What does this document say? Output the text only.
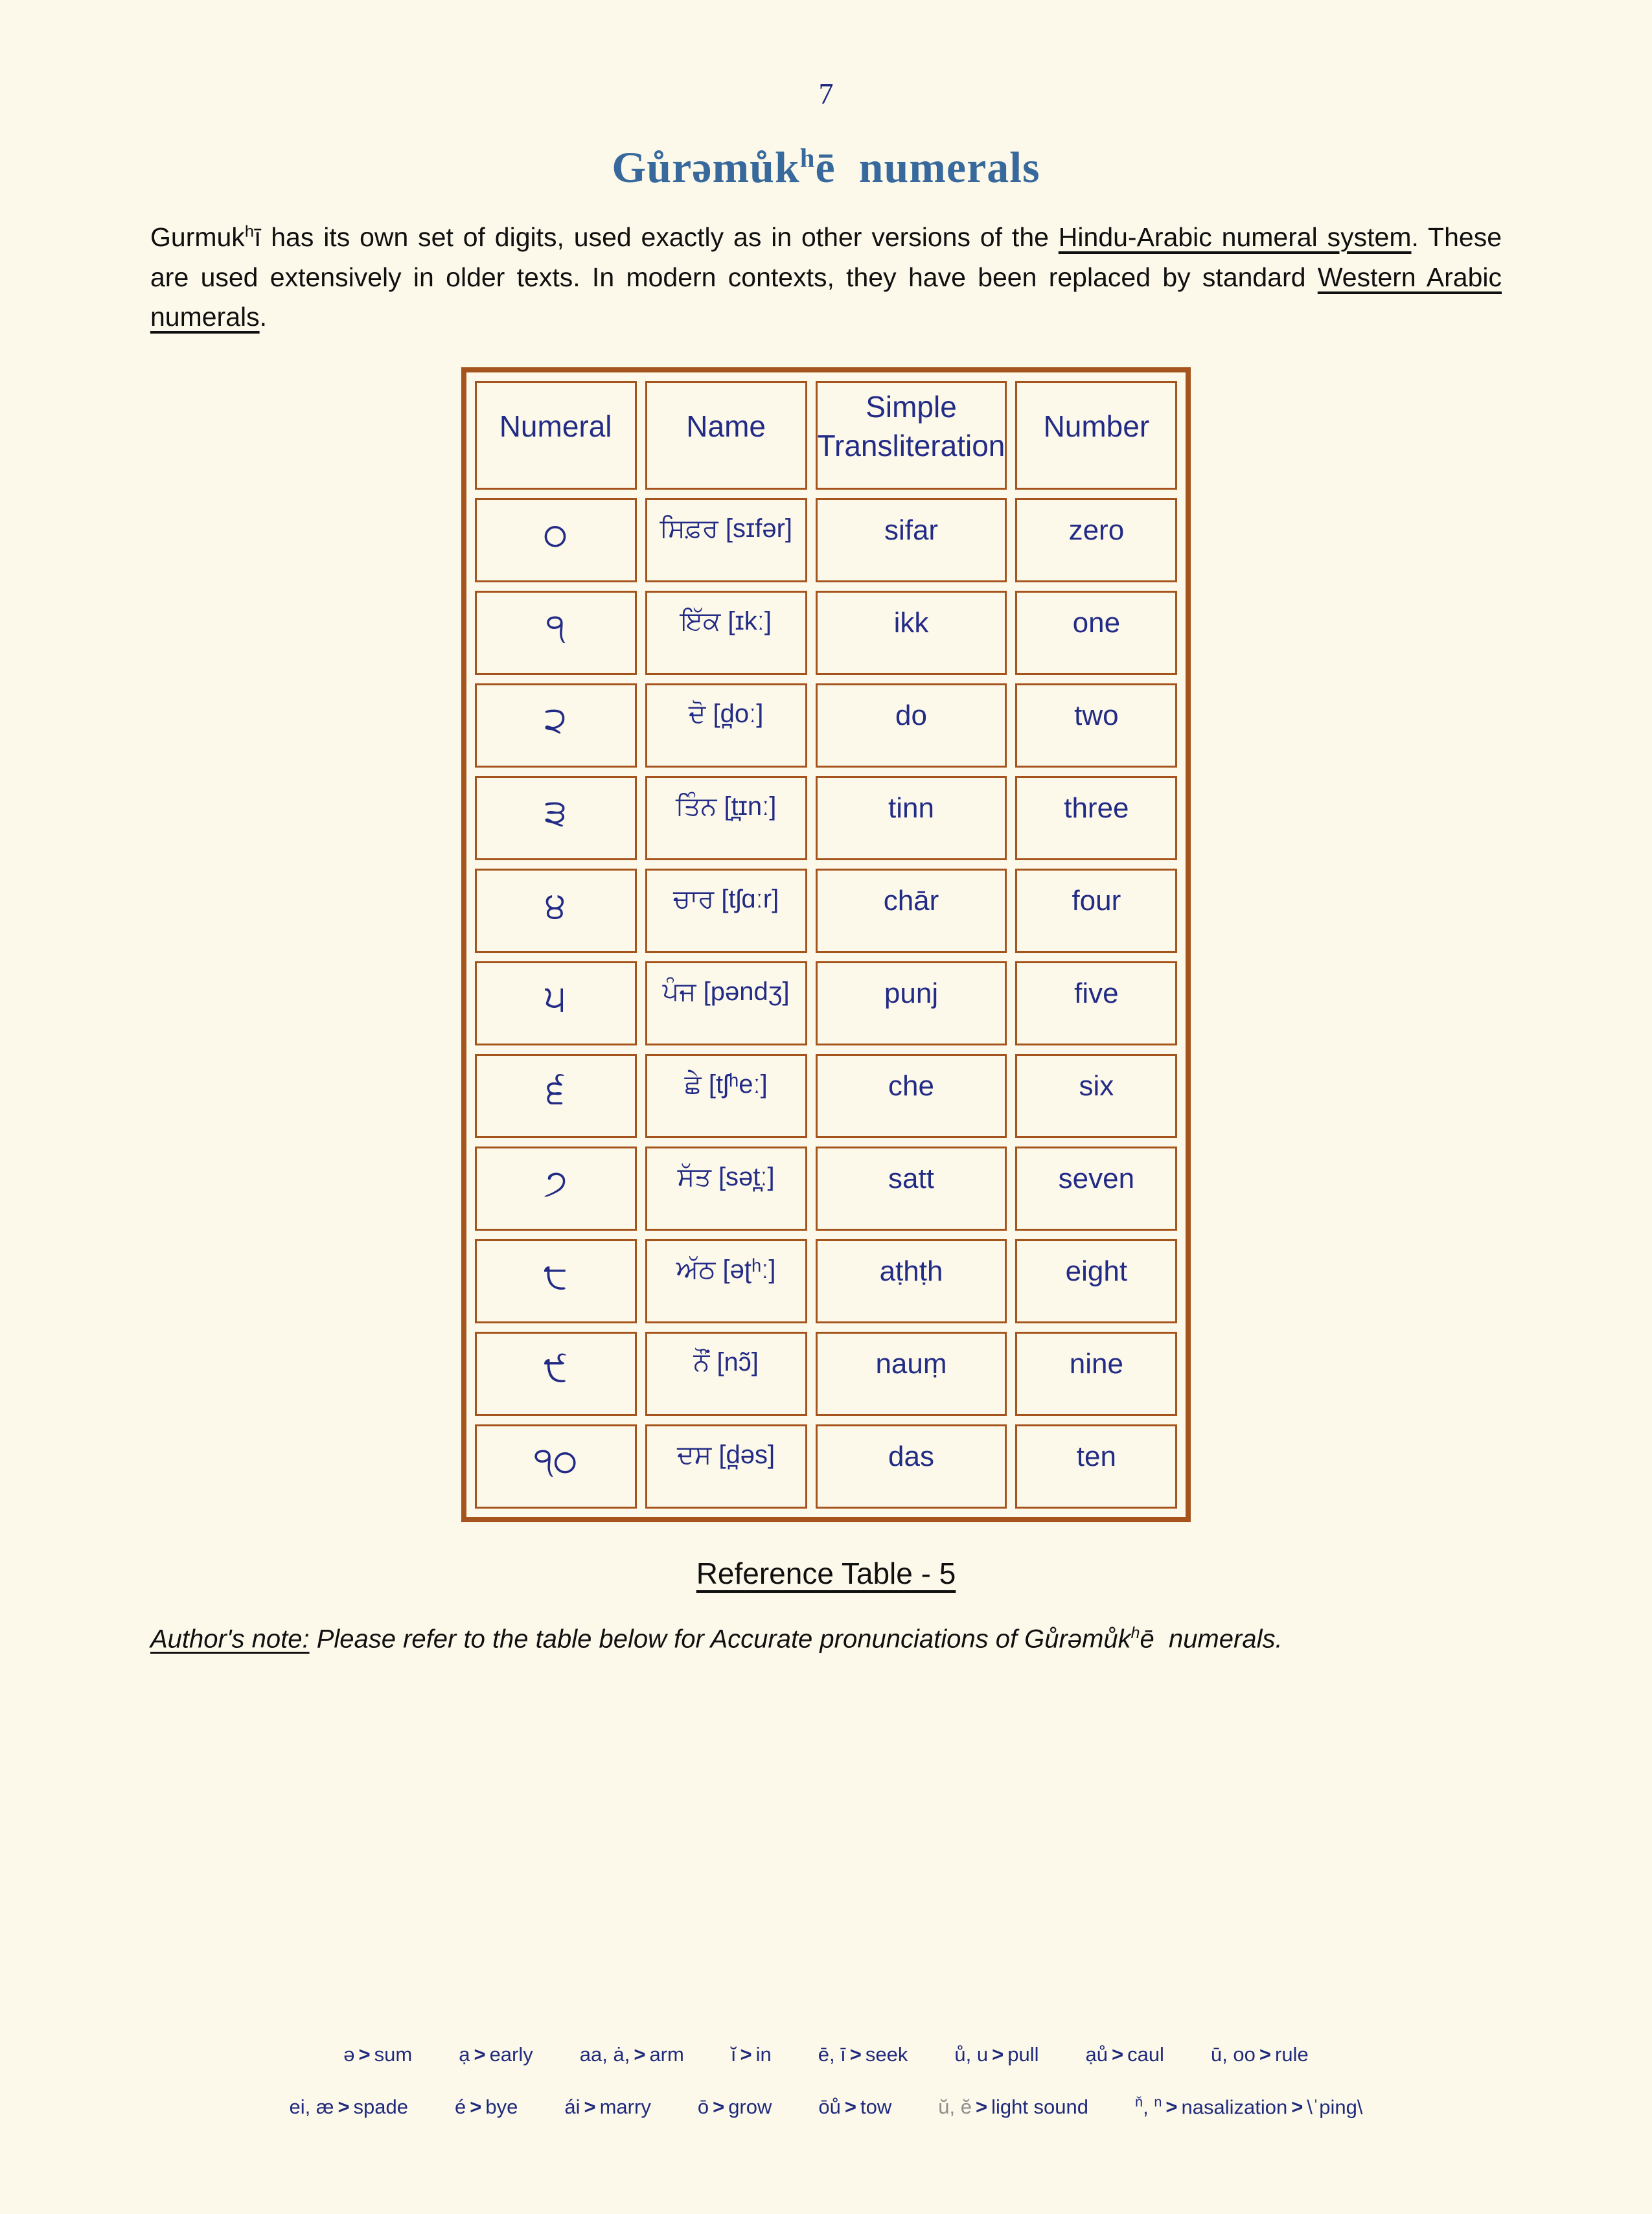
7
Gůrəmůk$^h$ē  numerals

Gurmuk$^h$ī has its own set of digits, used exactly as in other versions of the Hindu-Arabic numeral system. These are used extensively in older texts. In modern contexts, they have been replaced by standard Western Arabic numerals.

Numeral	Name	Simple Transliteration	Number
੦	ਸਿਫ਼ਰ [sɪfər]	sifar	zero
੧	ਇੱਕ [ɪkː]	ikk	one
੨	ਦੋ [d̪oː]	do	two
੩	ਤਿੰਨ [t̪ɪnː]	tinn	three
੪	ਚਾਰ [tʃɑːr]	chār	four
੫	ਪੰਜ [pəndʒ]	punj	five
੬	ਛੇ [tʃʰeː]	che	six
੭	ਸੱਤ [sət̪ː]	satt	seven
੮	ਅੱਠ [əʈʰː]	aṭhṭh	eight
੯	ਨੌਂ [nɔ̃]	nauṃ	nine
੧੦	ਦਸ [d̪əs]	das	ten
Reference Table - 5

Author's note: Please refer to the table below for Accurate pronunciations of Gůrəmůk$^h$ē  numerals.

ə > sum ạ > early aa, ȧ, > arm ĭ > in ē, ī > seek ů, u > pull ạů > caul ū, oo > rule
ei, æ > spade é > bye ái > marry ō > grow ōů > tow ŭ, ĕ > light sound	$^ň$, $^n$ > nasalization > \ˈping\
